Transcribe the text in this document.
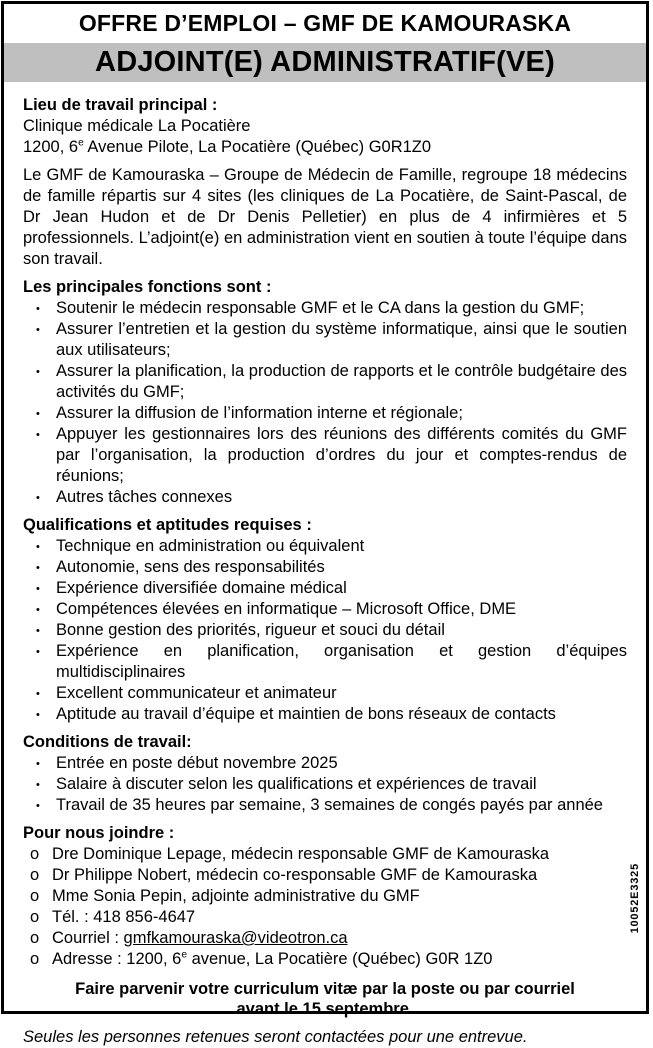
OFFRE D’EMPLOI – GMF DE KAMOURASKA
ADJOINT(E) ADMINISTRATIF(VE)
Lieu de travail principal :
Clinique médicale La Pocatière
1200, 6e Avenue Pilote, La Pocatière (Québec) G0R1Z0

Le GMF de Kamouraska – Groupe de Médecin de Famille, regroupe 18 médecins de famille répartis sur 4 sites (les cliniques de La Pocatière, de Saint-Pascal, de Dr Jean Hudon et de Dr Denis Pelletier) en plus de 4 infirmières et 5 professionnels. L’adjoint(e) en administration vient en soutien à toute l’équipe dans son travail.

Les principales fonctions sont :
• Soutenir le médecin responsable GMF et le CA dans la gestion du GMF;
• Assurer l’entretien et la gestion du système informatique, ainsi que le soutien aux utilisateurs;
• Assurer la planification, la production de rapports et le contrôle budgétaire des activités du GMF;
• Assurer la diffusion de l’information interne et régionale;
• Appuyer les gestionnaires lors des réunions des différents comités du GMF par l’organisation, la production d’ordres du jour et comptes-rendus de réunions;
• Autres tâches connexes
Qualifications et aptitudes requises :
• Technique en administration ou équivalent
• Autonomie, sens des responsabilités
• Expérience diversifiée domaine médical
• Compétences élevées en informatique – Microsoft Office, DME
• Bonne gestion des priorités, rigueur et souci du détail
• Expérience en planification, organisation et gestion d’équipes multidisciplinaires
• Excellent communicateur et animateur
• Aptitude au travail d’équipe et maintien de bons réseaux de contacts
Conditions de travail:
• Entrée en poste début novembre 2025
• Salaire à discuter selon les qualifications et expériences de travail
• Travail de 35 heures par semaine, 3 semaines de congés payés par année
Pour nous joindre :
o Dre Dominique Lepage, médecin responsable GMF de Kamouraska
o Dr Philippe Nobert, médecin co-responsable GMF de Kamouraska
o Mme Sonia Pepin, adjointe administrative du GMF
o Tél. : 418 856-4647
o Courriel : gmfkamouraska@videotron.ca
o Adresse : 1200, 6e avenue, La Pocatière (Québec) G0R 1Z0
Faire parvenir votre curriculum vitæ par la poste ou par courriel
avant le 15 septembre.
Seules les personnes retenues seront contactées pour une entrevue.
10052E3325
